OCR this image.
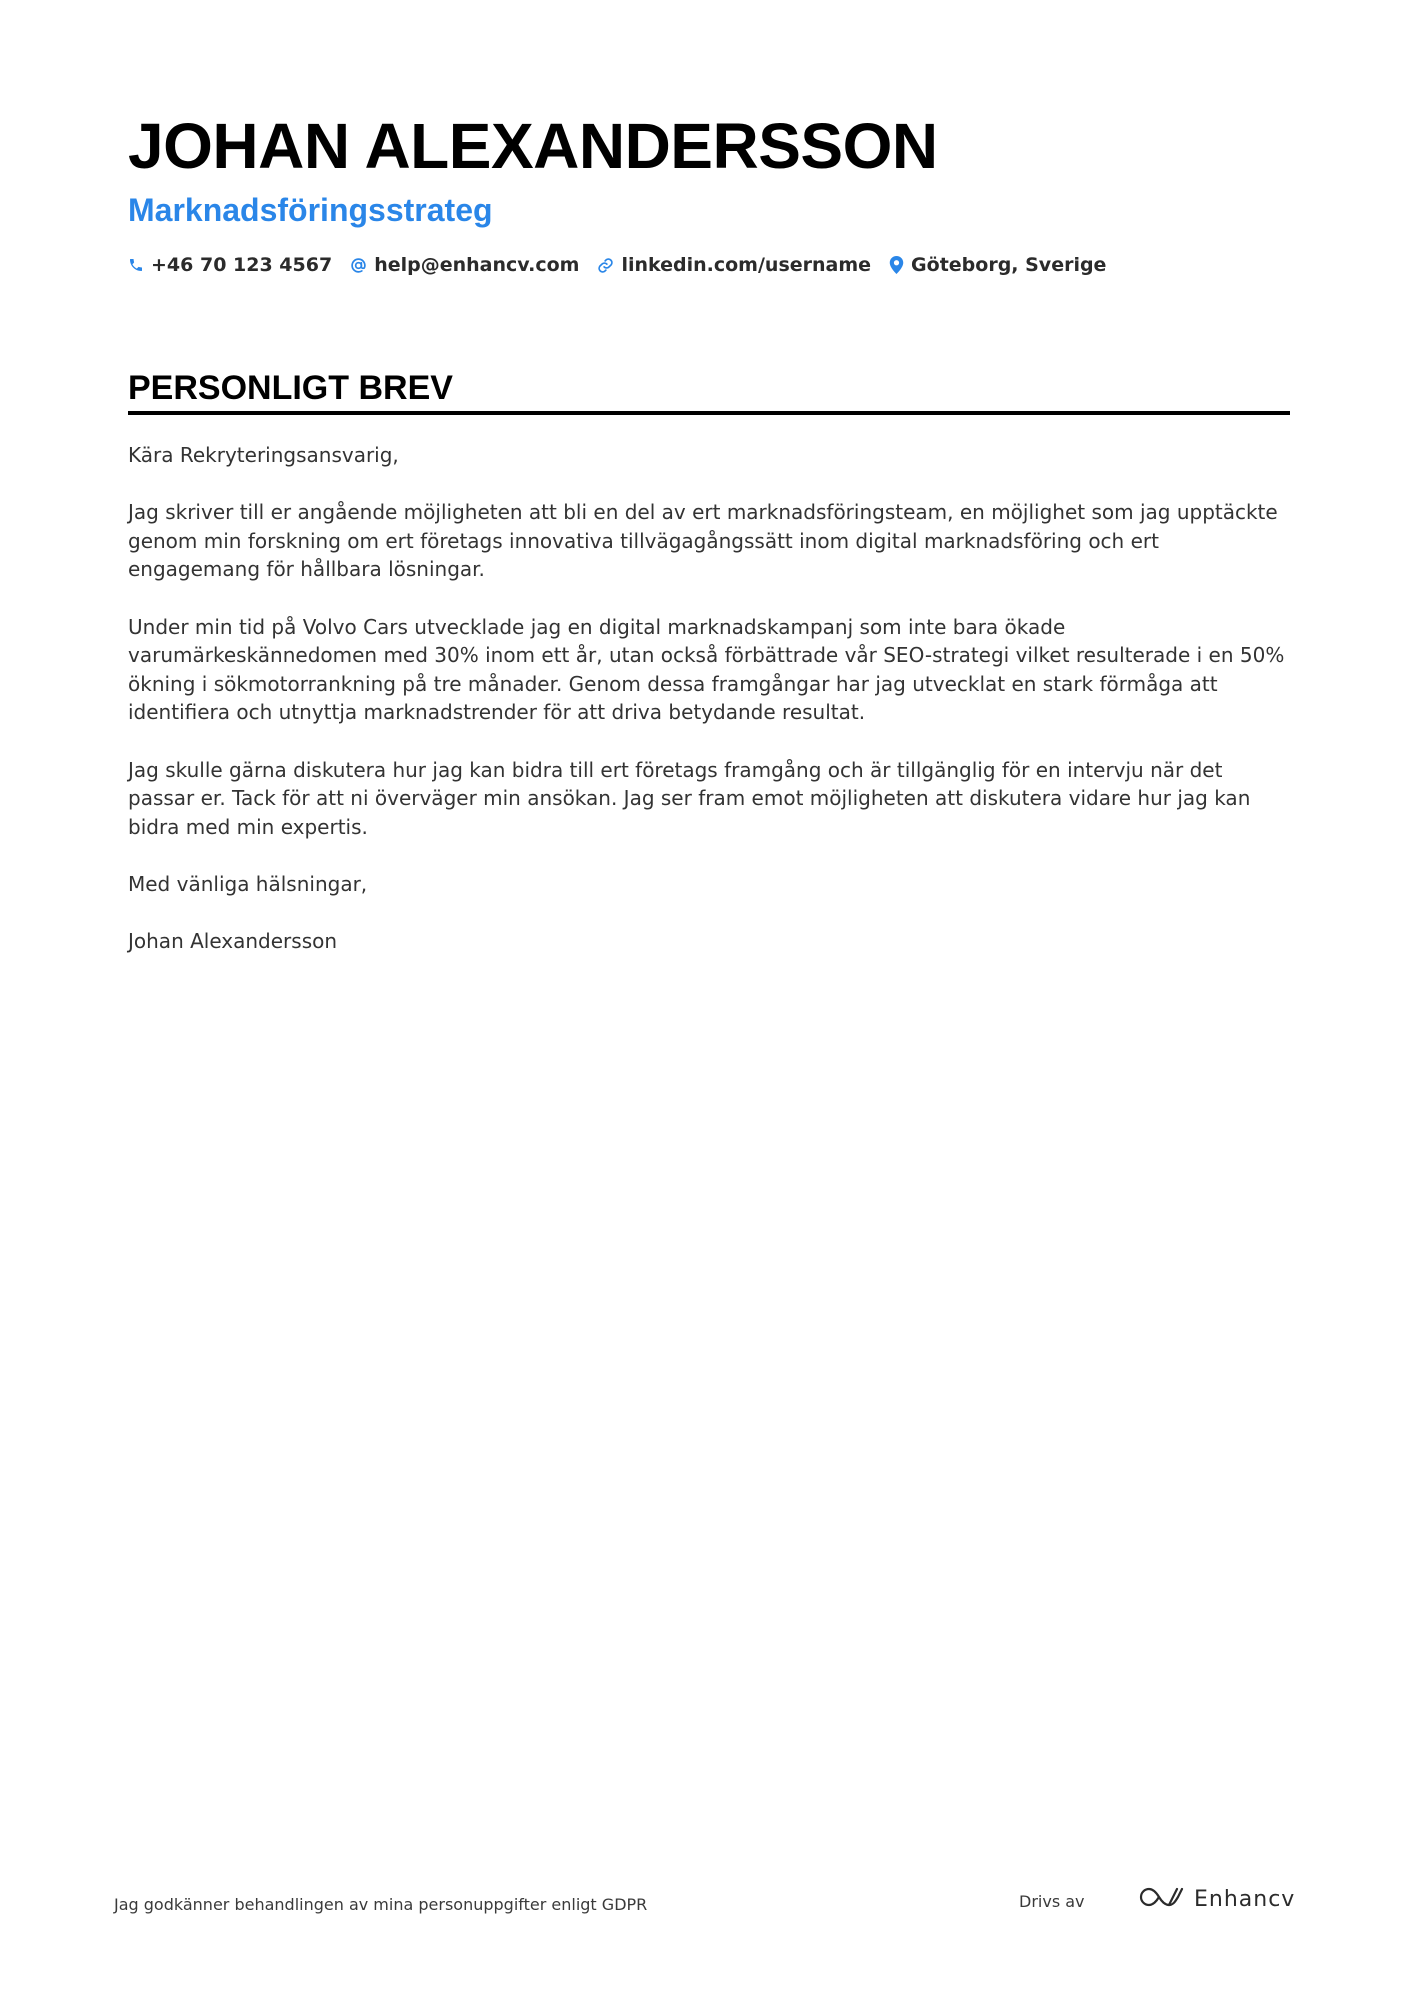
JOHAN ALEXANDERSSON
Marknadsföringsstrateg
+46 70 123 4567 help@enhancv.com linkedin.com/username Göteborg, Sverige
PERSONLIGT BREV

Kära Rekryteringsansvarig,

Jag skriver till er angående möjligheten att bli en del av ert marknadsföringsteam, en möjlighet som jag upptäckte genom min forskning om ert företags innovativa tillvägagångssätt inom digital marknadsföring och ert engagemang för hållbara lösningar.

Under min tid på Volvo Cars utvecklade jag en digital marknadskampanj som inte bara ökade varumärkeskännedomen med 30% inom ett år, utan också förbättrade vår SEO-strategi vilket resulterade i en 50% ökning i sökmotorrankning på tre månader. Genom dessa framgångar har jag utvecklat en stark förmåga att identifiera och utnyttja marknadstrender för att driva betydande resultat.

Jag skulle gärna diskutera hur jag kan bidra till ert företags framgång och är tillgänglig för en intervju när det passar er. Tack för att ni överväger min ansökan. Jag ser fram emot möjligheten att diskutera vidare hur jag kan bidra med min expertis.

Med vänliga hälsningar,

Johan Alexandersson

Jag godkänner behandlingen av mina personuppgifter enligt GDPR	Drivs av	Enhancv
